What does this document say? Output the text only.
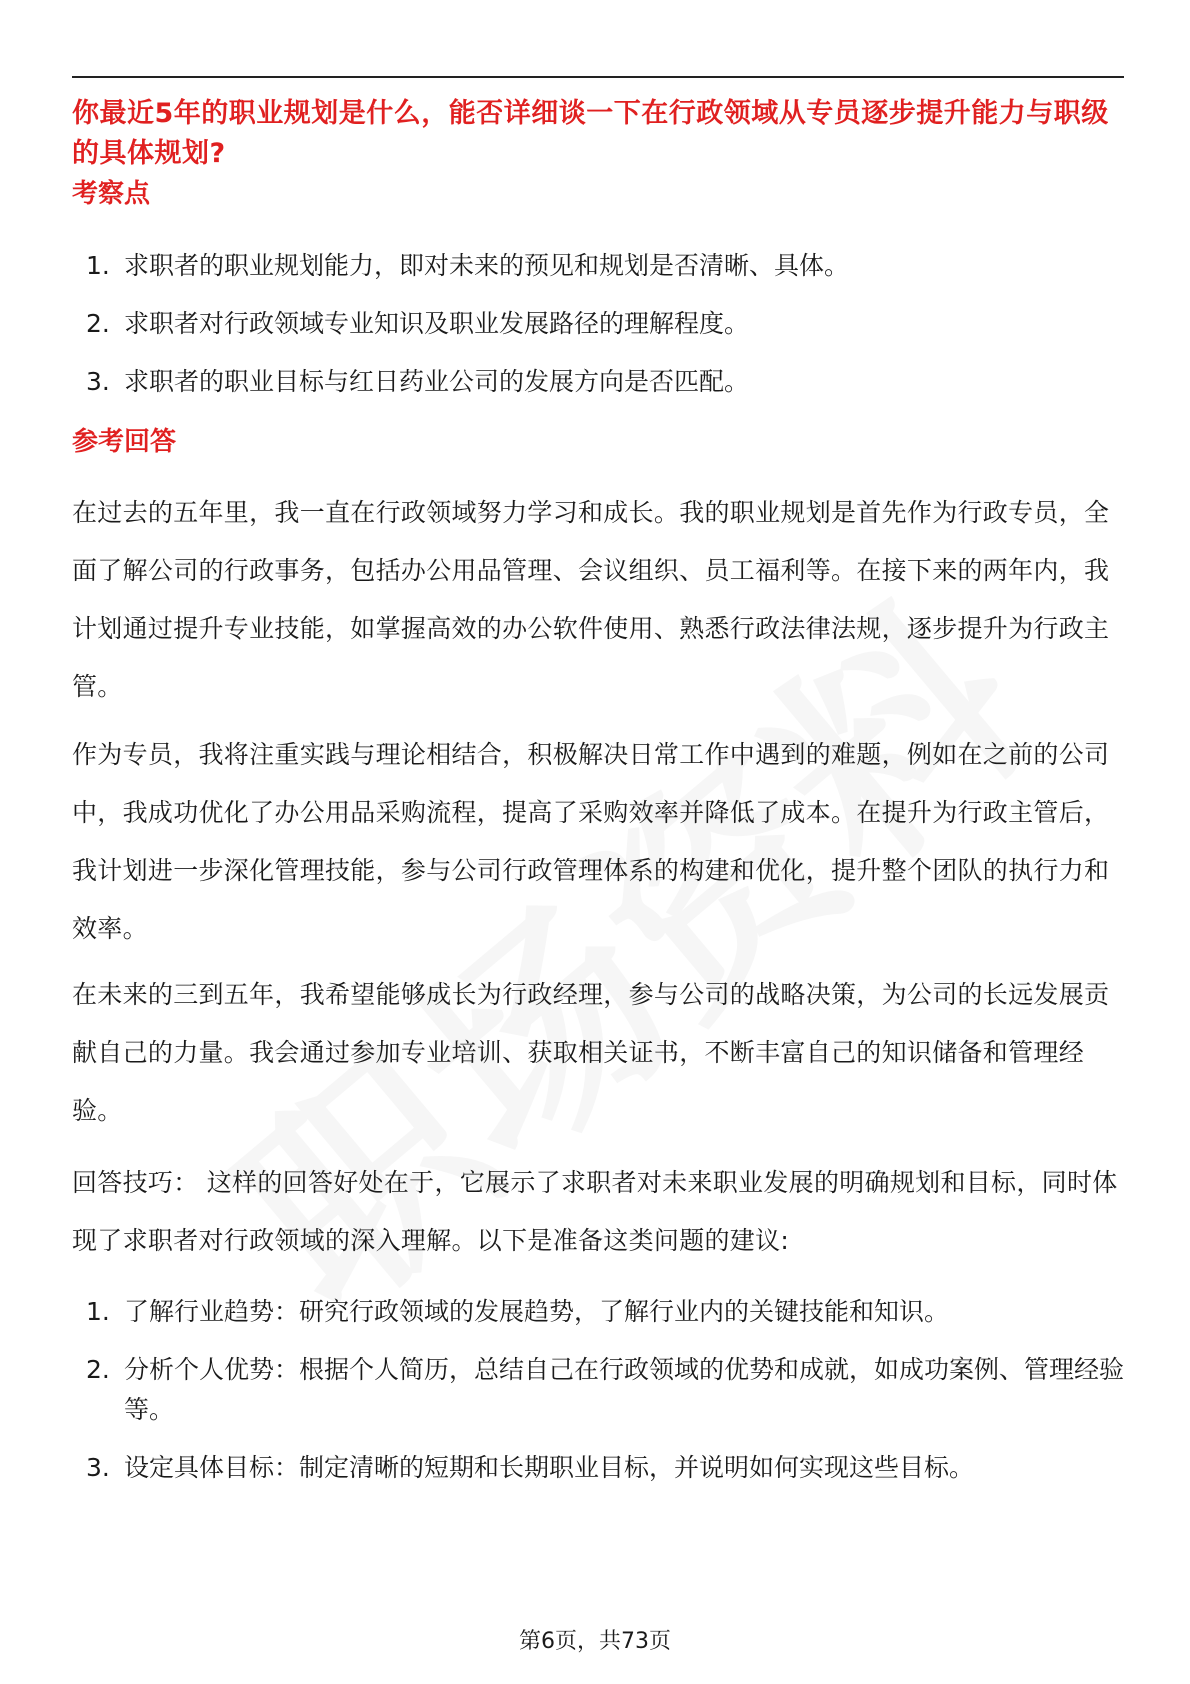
你最近5年的职业规划是什么，能否详细谈一下在行政领域从专员逐步提升能力与职级的具体规划?
考察点
1. 求职者的职业规划能力，即对未来的预见和规划是否清晰、具体。
2. 求职者对行政领域专业知识及职业发展路径的理解程度。
3. 求职者的职业目标与红日药业公司的发展方向是否匹配。
参考回答

在过去的五年里，我一直在行政领域努力学习和成长。我的职业规划是首先作为行政专员，全面了解公司的行政事务，包括办公用品管理、会议组织、员工福利等。在接下来的两年内，我计划通过提升专业技能，如掌握高效的办公软件使用、熟悉行政法律法规，逐步提升为行政主管。

作为专员，我将注重实践与理论相结合，积极解决日常工作中遇到的难题，例如在之前的公司中，我成功优化了办公用品采购流程，提高了采购效率并降低了成本。在提升为行政主管后，我计划进一步深化管理技能，参与公司行政管理体系的构建和优化，提升整个团队的执行力和效率。

在未来的三到五年，我希望能够成长为行政经理，参与公司的战略决策，为公司的长远发展贡献自己的力量。我会通过参加专业培训、获取相关证书，不断丰富自己的知识储备和管理经验。

回答技巧： 这样的回答好处在于，它展示了求职者对未来职业发展的明确规划和目标，同时体现了求职者对行政领域的深入理解。以下是准备这类问题的建议:

1. 了解行业趋势：研究行政领域的发展趋势，了解行业内的关键技能和知识。
2. 分析个人优势：根据个人简历，总结自己在行政领域的优势和成就，如成功案例、管理经验等。
3. 设定具体目标：制定清晰的短期和长期职业目标，并说明如何实现这些目标。
第6页，共73页
